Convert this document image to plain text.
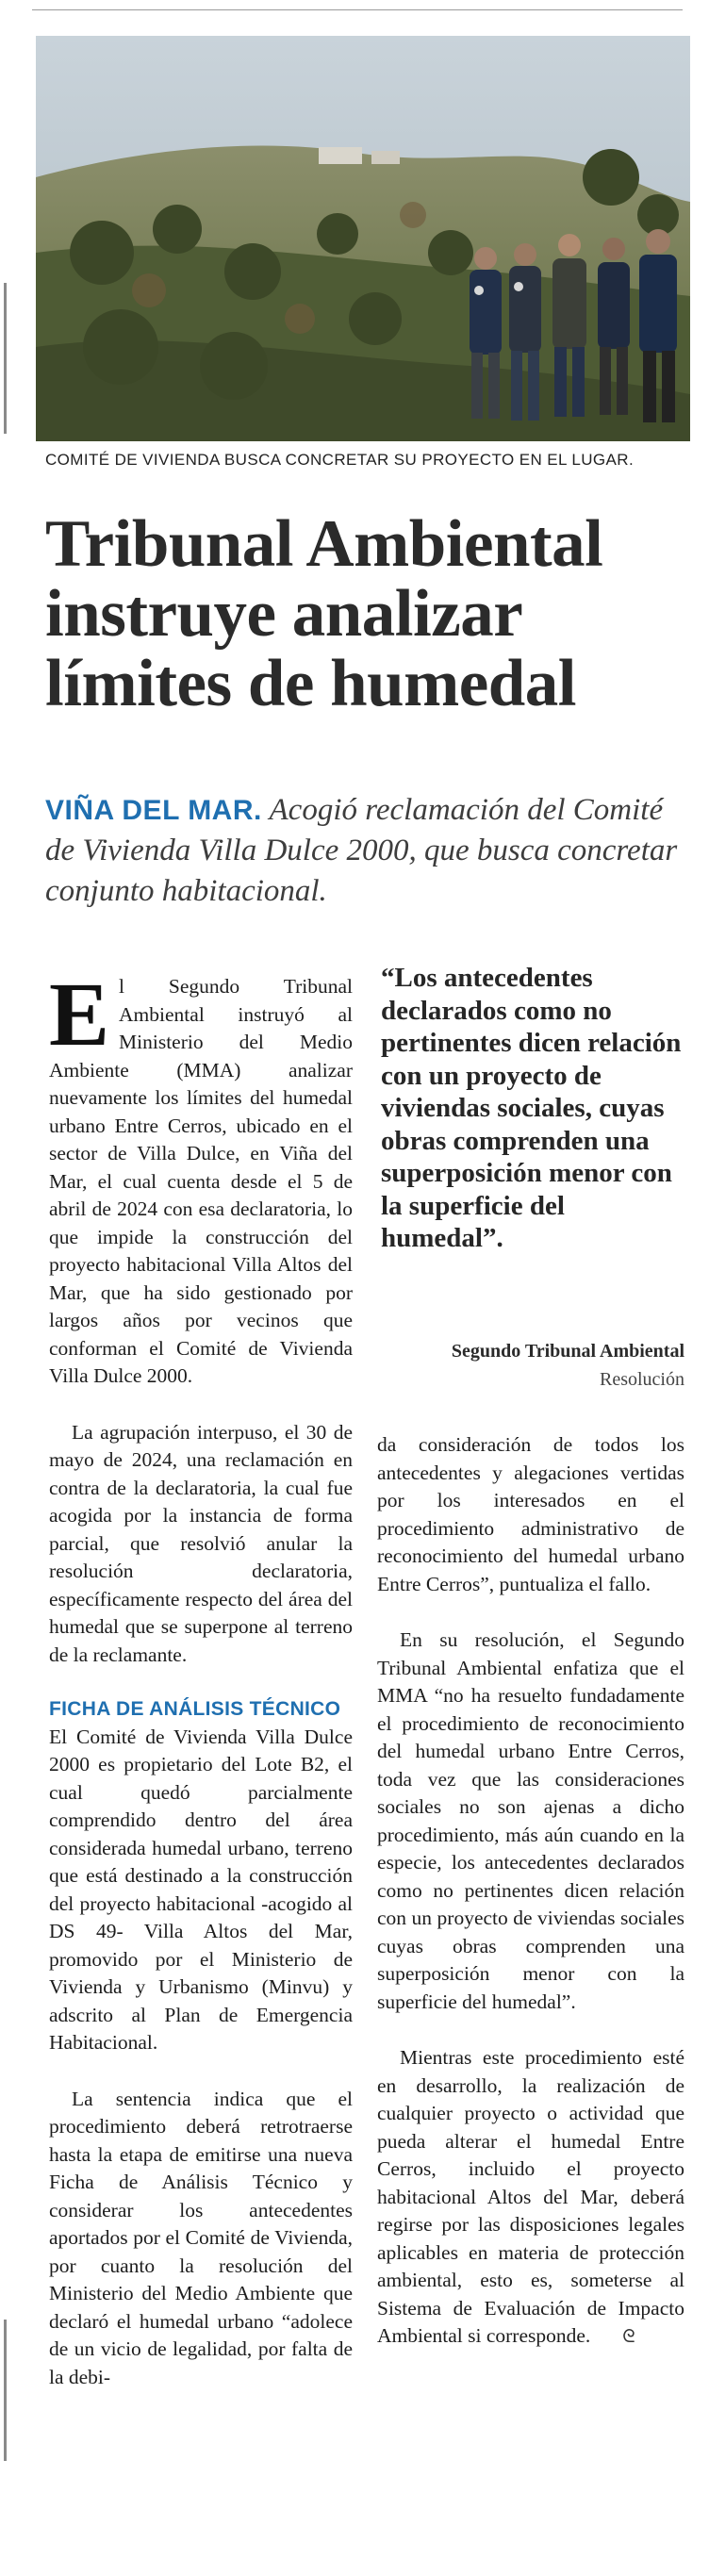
COMITÉ DE VIVIENDA BUSCA CONCRETAR SU PROYECTO EN EL LUGAR.
Tribunal Ambiental instruye analizar límites de humedal
VIÑA DEL MAR. Acogió reclamación del Comité de Vivienda Villa Dulce 2000, que busca concretar conjunto habitacional.

El Segundo Tribunal Ambiental instruyó al Ministerio del Medio Ambiente (MMA) analizar nuevamente los límites del humedal urbano Entre Cerros, ubicado en el sector de Villa Dulce, en Viña del Mar, el cual cuenta desde el 5 de abril de 2024 con esa declaratoria, lo que impide la construcción del proyecto habitacional Villa Altos del Mar, que ha sido gestionado por largos años por vecinos que conforman el Comité de Vivienda Villa Dulce 2000.

La agrupación interpuso, el 30 de mayo de 2024, una reclamación en contra de la declaratoria, la cual fue acogida por la instancia de forma parcial, que resolvió anular la resolución declaratoria, específicamente respecto del área del humedal que se superpone al terreno de la reclamante.

FICHA DE ANÁLISIS TÉCNICO

El Comité de Vivienda Villa Dulce 2000 es propietario del Lote B2, el cual quedó parcialmente comprendido dentro del área considerada humedal urbano, terreno que está destinado a la construcción del proyecto habitacional -acogido al DS 49- Villa Altos del Mar, promovido por el Ministerio de Vivienda y Urbanismo (Minvu) y adscrito al Plan de Emergencia Habitacional.

La sentencia indica que el procedimiento deberá retrotraerse hasta la etapa de emitirse una nueva Ficha de Análisis Técnico y considerar los antecedentes aportados por el Comité de Vivienda, por cuanto la resolución del Ministerio del Medio Ambiente que declaró el humedal urbano “adolece de un vicio de legalidad, por falta de la debi-

“Los antecedentes declarados como no pertinentes dicen relación con un proyecto de viviendas sociales, cuyas obras comprenden una superposición menor con la superficie del humedal”.
Segundo Tribunal Ambiental
Resolución

da consideración de todos los antecedentes y alegaciones vertidas por los interesados en el procedimiento administrativo de reconocimiento del humedal urbano Entre Cerros”, puntualiza el fallo.

En su resolución, el Segundo Tribunal Ambiental enfatiza que el MMA “no ha resuelto fundadamente el procedimiento de reconocimiento del humedal urbano Entre Cerros, toda vez que las consideraciones sociales no son ajenas a dicho procedimiento, más aún cuando en la especie, los antecedentes declarados como no pertinentes dicen relación con un proyecto de viviendas sociales cuyas obras comprenden una superposición menor con la superficie del humedal”.

Mientras este procedimiento esté en desarrollo, la realización de cualquier proyecto o actividad que pueda alterar el humedal Entre Cerros, incluido el proyecto habitacional Altos del Mar, deberá regirse por las disposiciones legales aplicables en materia de protección ambiental, esto es, someterse al Sistema de Evaluación de Impacto Ambiental si corresponde. ᘓ
